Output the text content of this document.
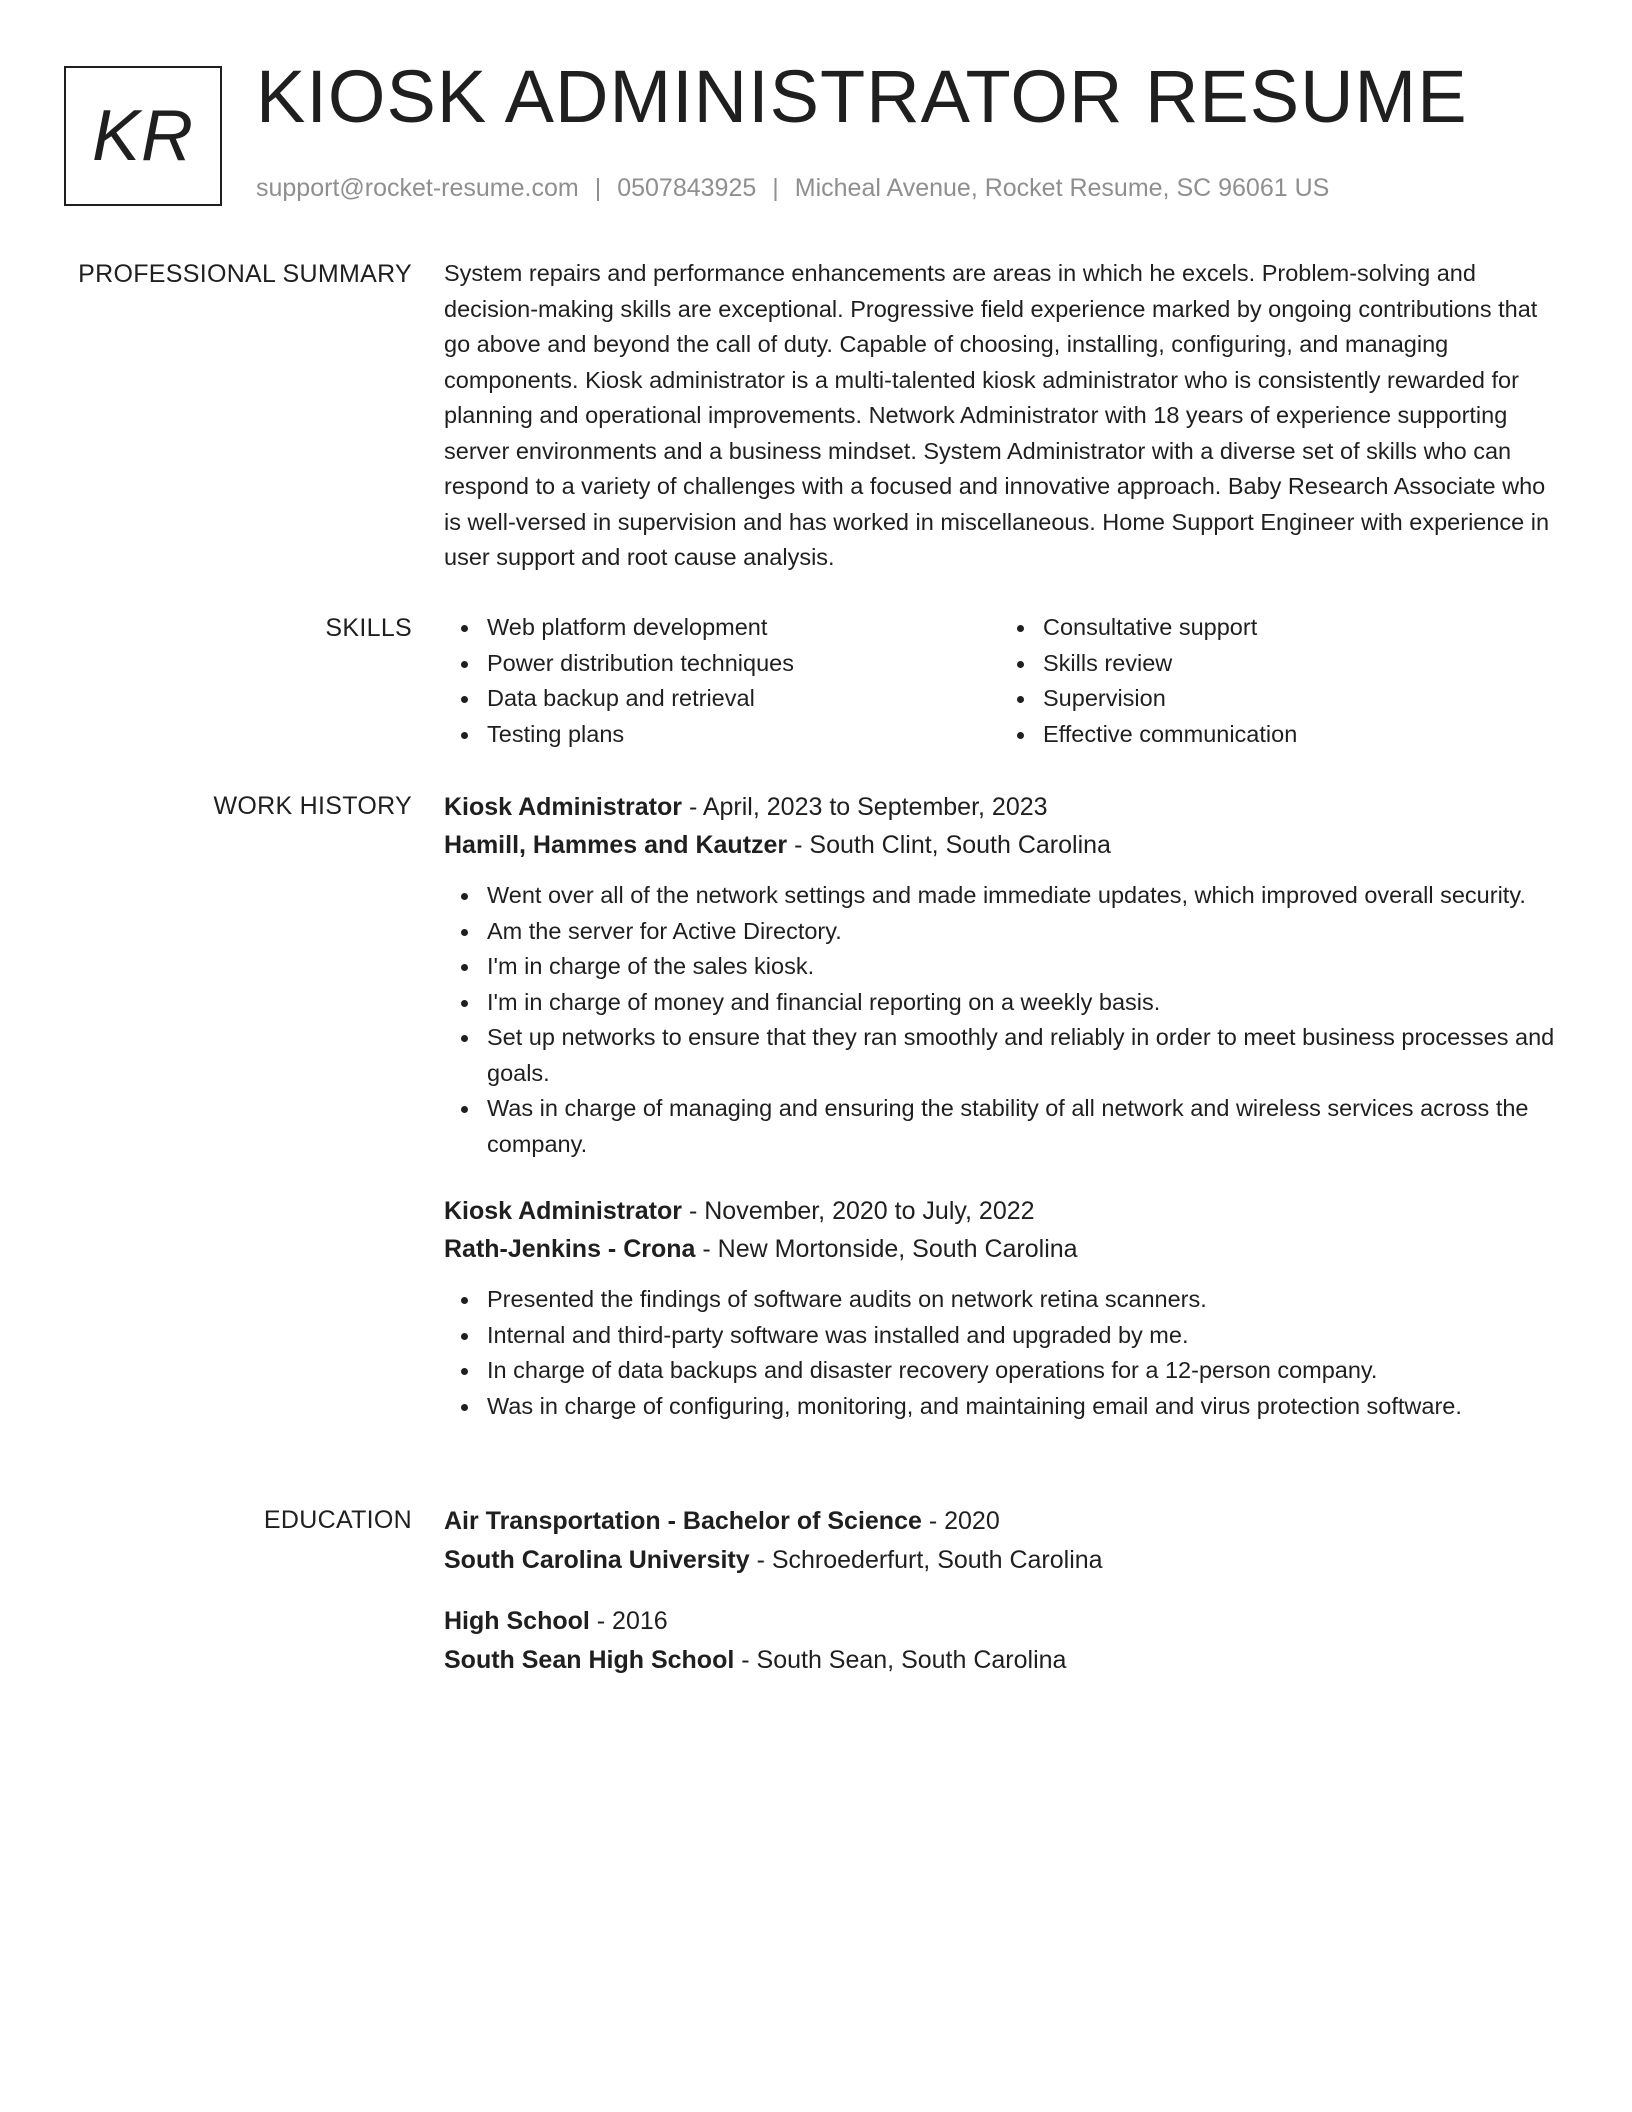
KR KIOSK ADMINISTRATOR RESUME
support@rocket-resume.com | 0507843925 | Micheal Avenue, Rocket Resume, SC 96061 US
PROFESSIONAL SUMMARY System repairs and performance enhancements are areas in which he excels. Problem-solving and decision-making skills are exceptional. Progressive field experience marked by ongoing contributions that go above and beyond the call of duty. Capable of choosing, installing, configuring, and managing components. Kiosk administrator is a multi-talented kiosk administrator who is consistently rewarded for planning and operational improvements. Network Administrator with 18 years of experience supporting server environments and a business mindset. System Administrator with a diverse set of skills who can respond to a variety of challenges with a focused and innovative approach. Baby Research Associate who is well-versed in supervision and has worked in miscellaneous. Home Support Engineer with experience in user support and root cause analysis.

SKILLS	Web platform development
Power distribution techniques
Data backup and retrieval
Testing plans
Consultative support
Skills review
Supervision
Effective communication
WORK HISTORY Kiosk Administrator - April, 2023 to September, 2023
Hamill, Hammes and Kautzer - South Clint, South Carolina
Went over all of the network settings and made immediate updates, which improved overall security.
Am the server for Active Directory.
I'm in charge of the sales kiosk.
I'm in charge of money and financial reporting on a weekly basis.
Set up networks to ensure that they ran smoothly and reliably in order to meet business processes and goals.
Was in charge of managing and ensuring the stability of all network and wireless services across the company.
Kiosk Administrator - November, 2020 to July, 2022
Rath-Jenkins - Crona - New Mortonside, South Carolina
Presented the findings of software audits on network retina scanners.
Internal and third-party software was installed and upgraded by me.
In charge of data backups and disaster recovery operations for a 12-person company.
Was in charge of configuring, monitoring, and maintaining email and virus protection software.
EDUCATION Air Transportation - Bachelor of Science - 2020
South Carolina University - Schroederfurt, South Carolina
High School - 2016
South Sean High School - South Sean, South Carolina
